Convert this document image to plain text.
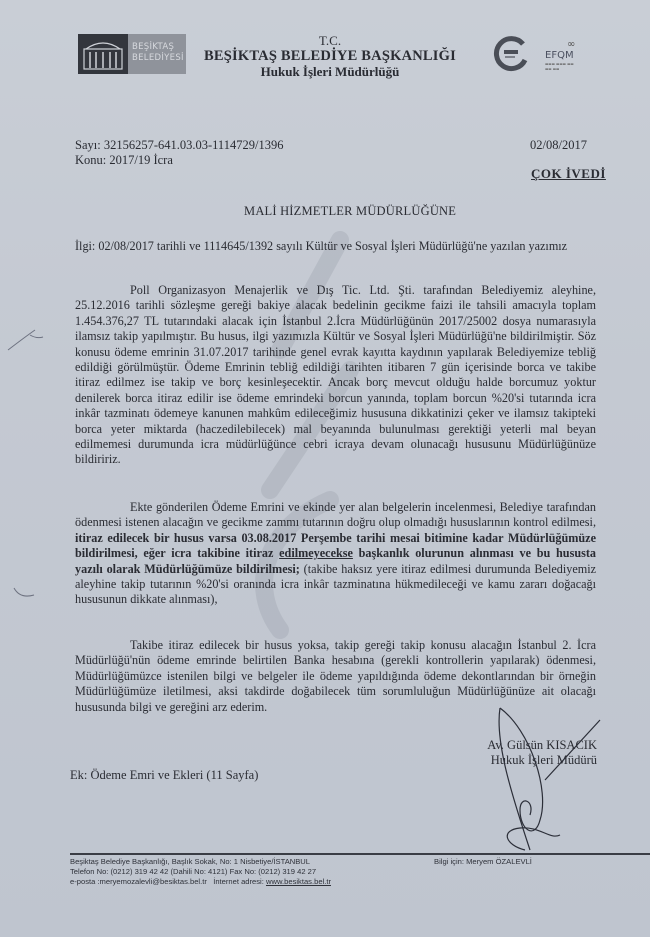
BEŞİKTAŞ
BELEDİYESİ
T.C.
BEŞİKTAŞ BELEDİYE BAŞKANLIĞI
Hukuk İşleri Müdürlüğü
∞
EFQM
▬▬▬ ▬▬▬ ▬▬
▬▬ ▬▬
Sayı: 32156257-641.03.03-1114729/1396
Konu: 2017/19 İcra
02/08/2017
ÇOK İVEDİ
MALİ HİZMETLER MÜDÜRLÜĞÜNE

İlgi: 02/08/2017 tarihli ve 1114645/1392 sayılı Kültür ve Sosyal İşleri Müdürlüğü'ne yazılan yazımız

Poll Organizasyon Menajerlik ve Dış Tic. Ltd. Şti. tarafından Belediyemiz aleyhine, 25.12.2016 tarihli sözleşme gereği bakiye alacak bedelinin gecikme faizi ile tahsili amacıyla toplam 1.454.376,27 TL tutarındaki alacak için İstanbul 2.İcra Müdürlüğünün 2017/25002 dosya numarasıyla ilamsız takip yapılmıştır. Bu husus, ilgi yazımızla Kültür ve Sosyal İşleri Müdürlüğü'ne bildirilmiştir. Söz konusu ödeme emrinin 31.07.2017 tarihinde genel evrak kayıtta kaydının yapılarak Belediyemize tebliğ edildiği görülmüştür. Ödeme Emrinin tebliğ edildiği tarihten itibaren 7 gün içerisinde borca ve takibe itiraz edilmez ise takip ve borç kesinleşecektir. Ancak borç mevcut olduğu halde borcumuz yoktur denilerek borca itiraz edilir ise ödeme emrindeki borcun yanında, toplam borcun %20'si tutarında icra inkâr tazminatı ödemeye kanunen mahkûm edileceğimiz hususuna dikkatinizi çeker ve ilamsız takipteki borca yeter miktarda (haczedilebilecek) mal beyanında bulunulması gerektiği yeterli mal beyan edilmemesi durumunda icra müdürlüğünce cebri icraya devam olunacağı hususunu Müdürlüğünüze bildiririz.

Ekte gönderilen Ödeme Emrini ve ekinde yer alan belgelerin incelenmesi, Belediye tarafından ödenmesi istenen alacağın ve gecikme zammı tutarının doğru olup olmadığı hususlarının kontrol edilmesi, itiraz edilecek bir husus varsa 03.08.2017 Perşembe tarihi mesai bitimine kadar Müdürlüğümüze bildirilmesi, eğer icra takibine itiraz edilmeyecekse başkanlık olurunun alınması ve bu hususta yazılı olarak Müdürlüğümüze bildirilmesi; (takibe haksız yere itiraz edilmesi durumunda Belediyemiz aleyhine takip tutarının %20'si oranında icra inkâr tazminatına hükmedileceği ve kamu zararı doğacağı hususunun dikkate alınması),

Takibe itiraz edilecek bir husus yoksa, takip gereği takip konusu alacağın İstanbul 2. İcra Müdürlüğü'nün ödeme emrinde belirtilen Banka hesabına (gerekli kontrollerin yapılarak) ödenmesi, Müdürlüğümüzce istenilen bilgi ve belgeler ile ödeme yapıldığında ödeme dekontlarından bir örneğin Müdürlüğümüze iletilmesi, aksi takdirde doğabilecek tüm sorumluluğun Müdürlüğünüze ait olacağı hususunda bilgi ve gereğini arz ederim.

Av. Gülsün KISACIK
Hukuk İşleri Müdürü
Ek: Ödeme Emri ve Ekleri (11 Sayfa)
Beşiktaş Belediye Başkanlığı, Başlık Sokak, No: 1 Nisbetiye/İSTANBUL
Telefon No: (0212) 319 42 42 (Dahili No: 4121) Fax No: (0212) 319 42 27
e-posta :meryemozalevli@besiktas.bel.tr İnternet adresi: www.besiktas.bel.tr
Bilgi için: Meryem ÖZALEVLİ
